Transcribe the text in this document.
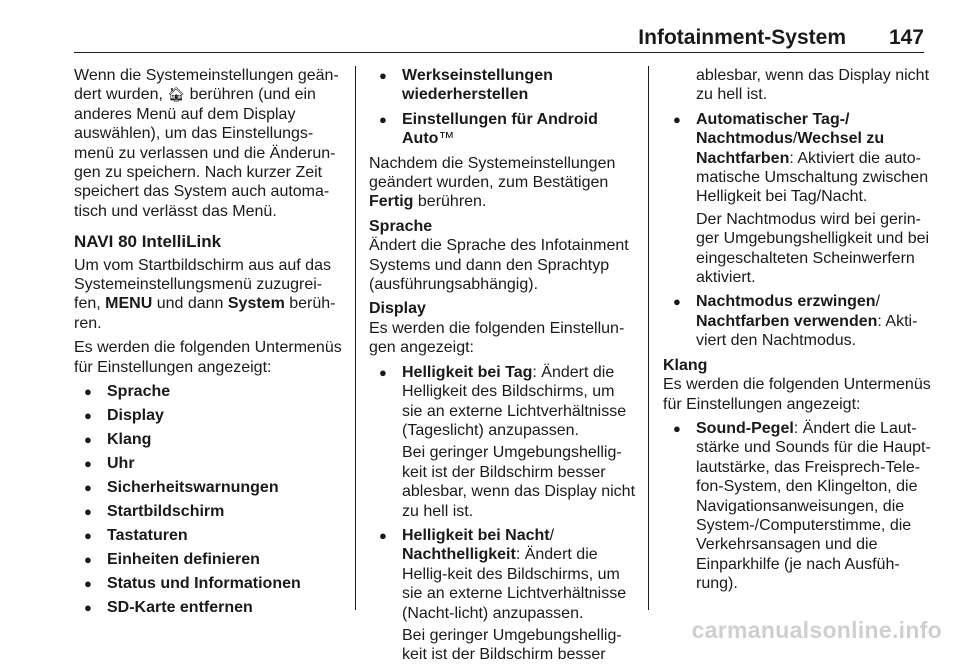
Infotainment-System 147

Wenn die Systemeinstellungen geän-dert wurden, 🏠︎ berühren (und ein anderes Menü auf dem Display auswählen), um das Einstellungs-menü zu verlassen und die Änderun-gen zu speichern. Nach kurzer Zeit speichert das System auch automa-tisch und verlässt das Menü.

NAVI 80 IntelliLink

Um vom Startbildschirm aus auf das Systemeinstellungsmenü zuzugrei-fen, MENU und dann System berüh-ren.

Es werden die folgenden Untermenüs für Einstellungen angezeigt:

● Sprache
● Display
● Klang
● Uhr
● Sicherheitswarnungen
● Startbildschirm
● Tastaturen
● Einheiten definieren
● Status und Informationen
● SD-Karte entfernen
● Werkseinstellungen wiederherstellen
● Einstellungen für Android Auto™

Nachdem die Systemeinstellungen geändert wurden, zum Bestätigen Fertig berühren.

Sprache
Ändert die Sprache des Infotainment Systems und dann den Sprachtyp (ausführungsabhängig).

Display
Es werden die folgenden Einstellun-gen angezeigt:

● Helligkeit bei Tag: Ändert die Helligkeit des Bildschirms, um sie an externe Lichtverhältnisse (Tageslicht) anzupassen.

Bei geringer Umgebungshellig-keit ist der Bildschirm besser ablesbar, wenn das Display nicht zu hell ist.

● Helligkeit bei Nacht/
Nachthelligkeit: Ändert die Hellig-keit des Bildschirms, um sie an externe Lichtverhältnisse (Nacht-licht) anzupassen.

Bei geringer Umgebungshellig-keit ist der Bildschirm besser

ablesbar, wenn das Display nicht zu hell ist.
● Automatischer Tag-/ Nachtmodus/Wechsel zu Nachtfarben: Aktiviert die auto-matische Umschaltung zwischen Helligkeit bei Tag/Nacht.

Der Nachtmodus wird bei gerin-ger Umgebungshelligkeit und bei eingeschalteten Scheinwerfern aktiviert.

● Nachtmodus erzwingen/
Nachtfarben verwenden: Akti-viert den Nachtmodus.

Klang
Es werden die folgenden Untermenüs für Einstellungen angezeigt:

● Sound-Pegel: Ändert die Laut-stärke und Sounds für die Haupt-lautstärke, das Freisprech-Tele-fon-System, den Klingelton, die Navigationsanweisungen, die System-/Computerstimme, die Verkehrsansagen und die Einparkhilfe (je nach Ausfüh-rung).
carmanualsonline.info
